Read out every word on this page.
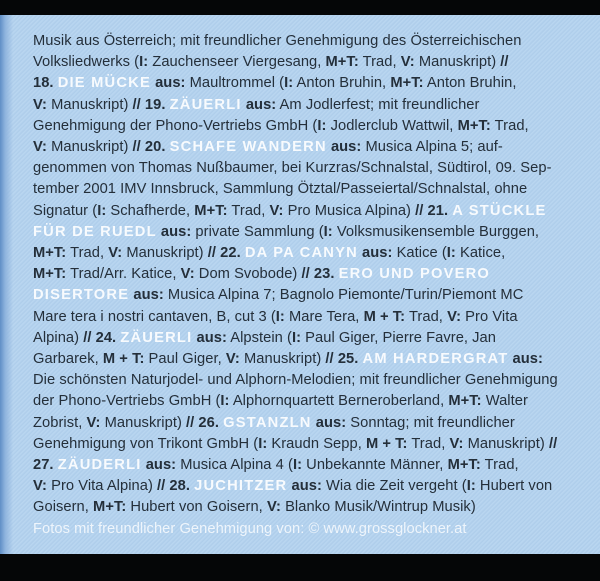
Musik aus Österreich; mit freundlicher Genehmigung des Österreichischen
Volksliedwerks (I: Zauchenseer Viergesang, M+T: Trad, V: Manuskript) //
18. DIE MÜCKE aus: Maultrommel (I: Anton Bruhin, M+T: Anton Bruhin,
V: Manuskript) // 19. ZÄUERLI aus: Am Jodlerfest; mit freundlicher
Genehmigung der Phono-Vertriebs GmbH (I: Jodlerclub Wattwil, M+T: Trad,
V: Manuskript) // 20. SCHAFE WANDERN aus: Musica Alpina 5; auf-
genommen von Thomas Nußbaumer, bei Kurzras/Schnalstal, Südtirol, 09. Sep-
tember 2001 IMV Innsbruck, Sammlung Ötztal/Passeiertal/Schnalstal, ohne
Signatur (I: Schafherde, M+T: Trad, V: Pro Musica Alpina) // 21. A STÜCKLE
FÜR DE RUEDL aus: private Sammlung (I: Volksmusikensemble Burggen,
M+T: Trad, V: Manuskript) // 22. DA PA CANYN aus: Katice (I: Katice,
M+T: Trad/Arr. Katice, V: Dom Svobode) // 23. ERO UND POVERO
DISERTORE aus: Musica Alpina 7; Bagnolo Piemonte/Turin/Piemont MC
Mare tera i nostri cantaven, B, cut 3 (I: Mare Tera, M + T: Trad, V: Pro Vita
Alpina) // 24. ZÄUERLI aus: Alpstein (I: Paul Giger, Pierre Favre, Jan
Garbarek, M + T: Paul Giger, V: Manuskript) // 25. AM HARDERGRAT aus:
Die schönsten Naturjodel- und Alphorn-Melodien; mit freundlicher Genehmigung
der Phono-Vertriebs GmbH (I: Alphornquartett Berneroberland, M+T: Walter
Zobrist, V: Manuskript) // 26. GSTANZLN aus: Sonntag; mit freundlicher
Genehmigung von Trikont GmbH (I: Kraudn Sepp, M + T: Trad, V: Manuskript) //
27. ZÄUDERLI aus: Musica Alpina 4 (I: Unbekannte Männer, M+T: Trad,
V: Pro Vita Alpina) // 28. JUCHITZER aus: Wia die Zeit vergeht (I: Hubert von
Goisern, M+T: Hubert von Goisern, V: Blanko Musik/Wintrup Musik)
Fotos mit freundlicher Genehmigung von: © www.grossglockner.at
